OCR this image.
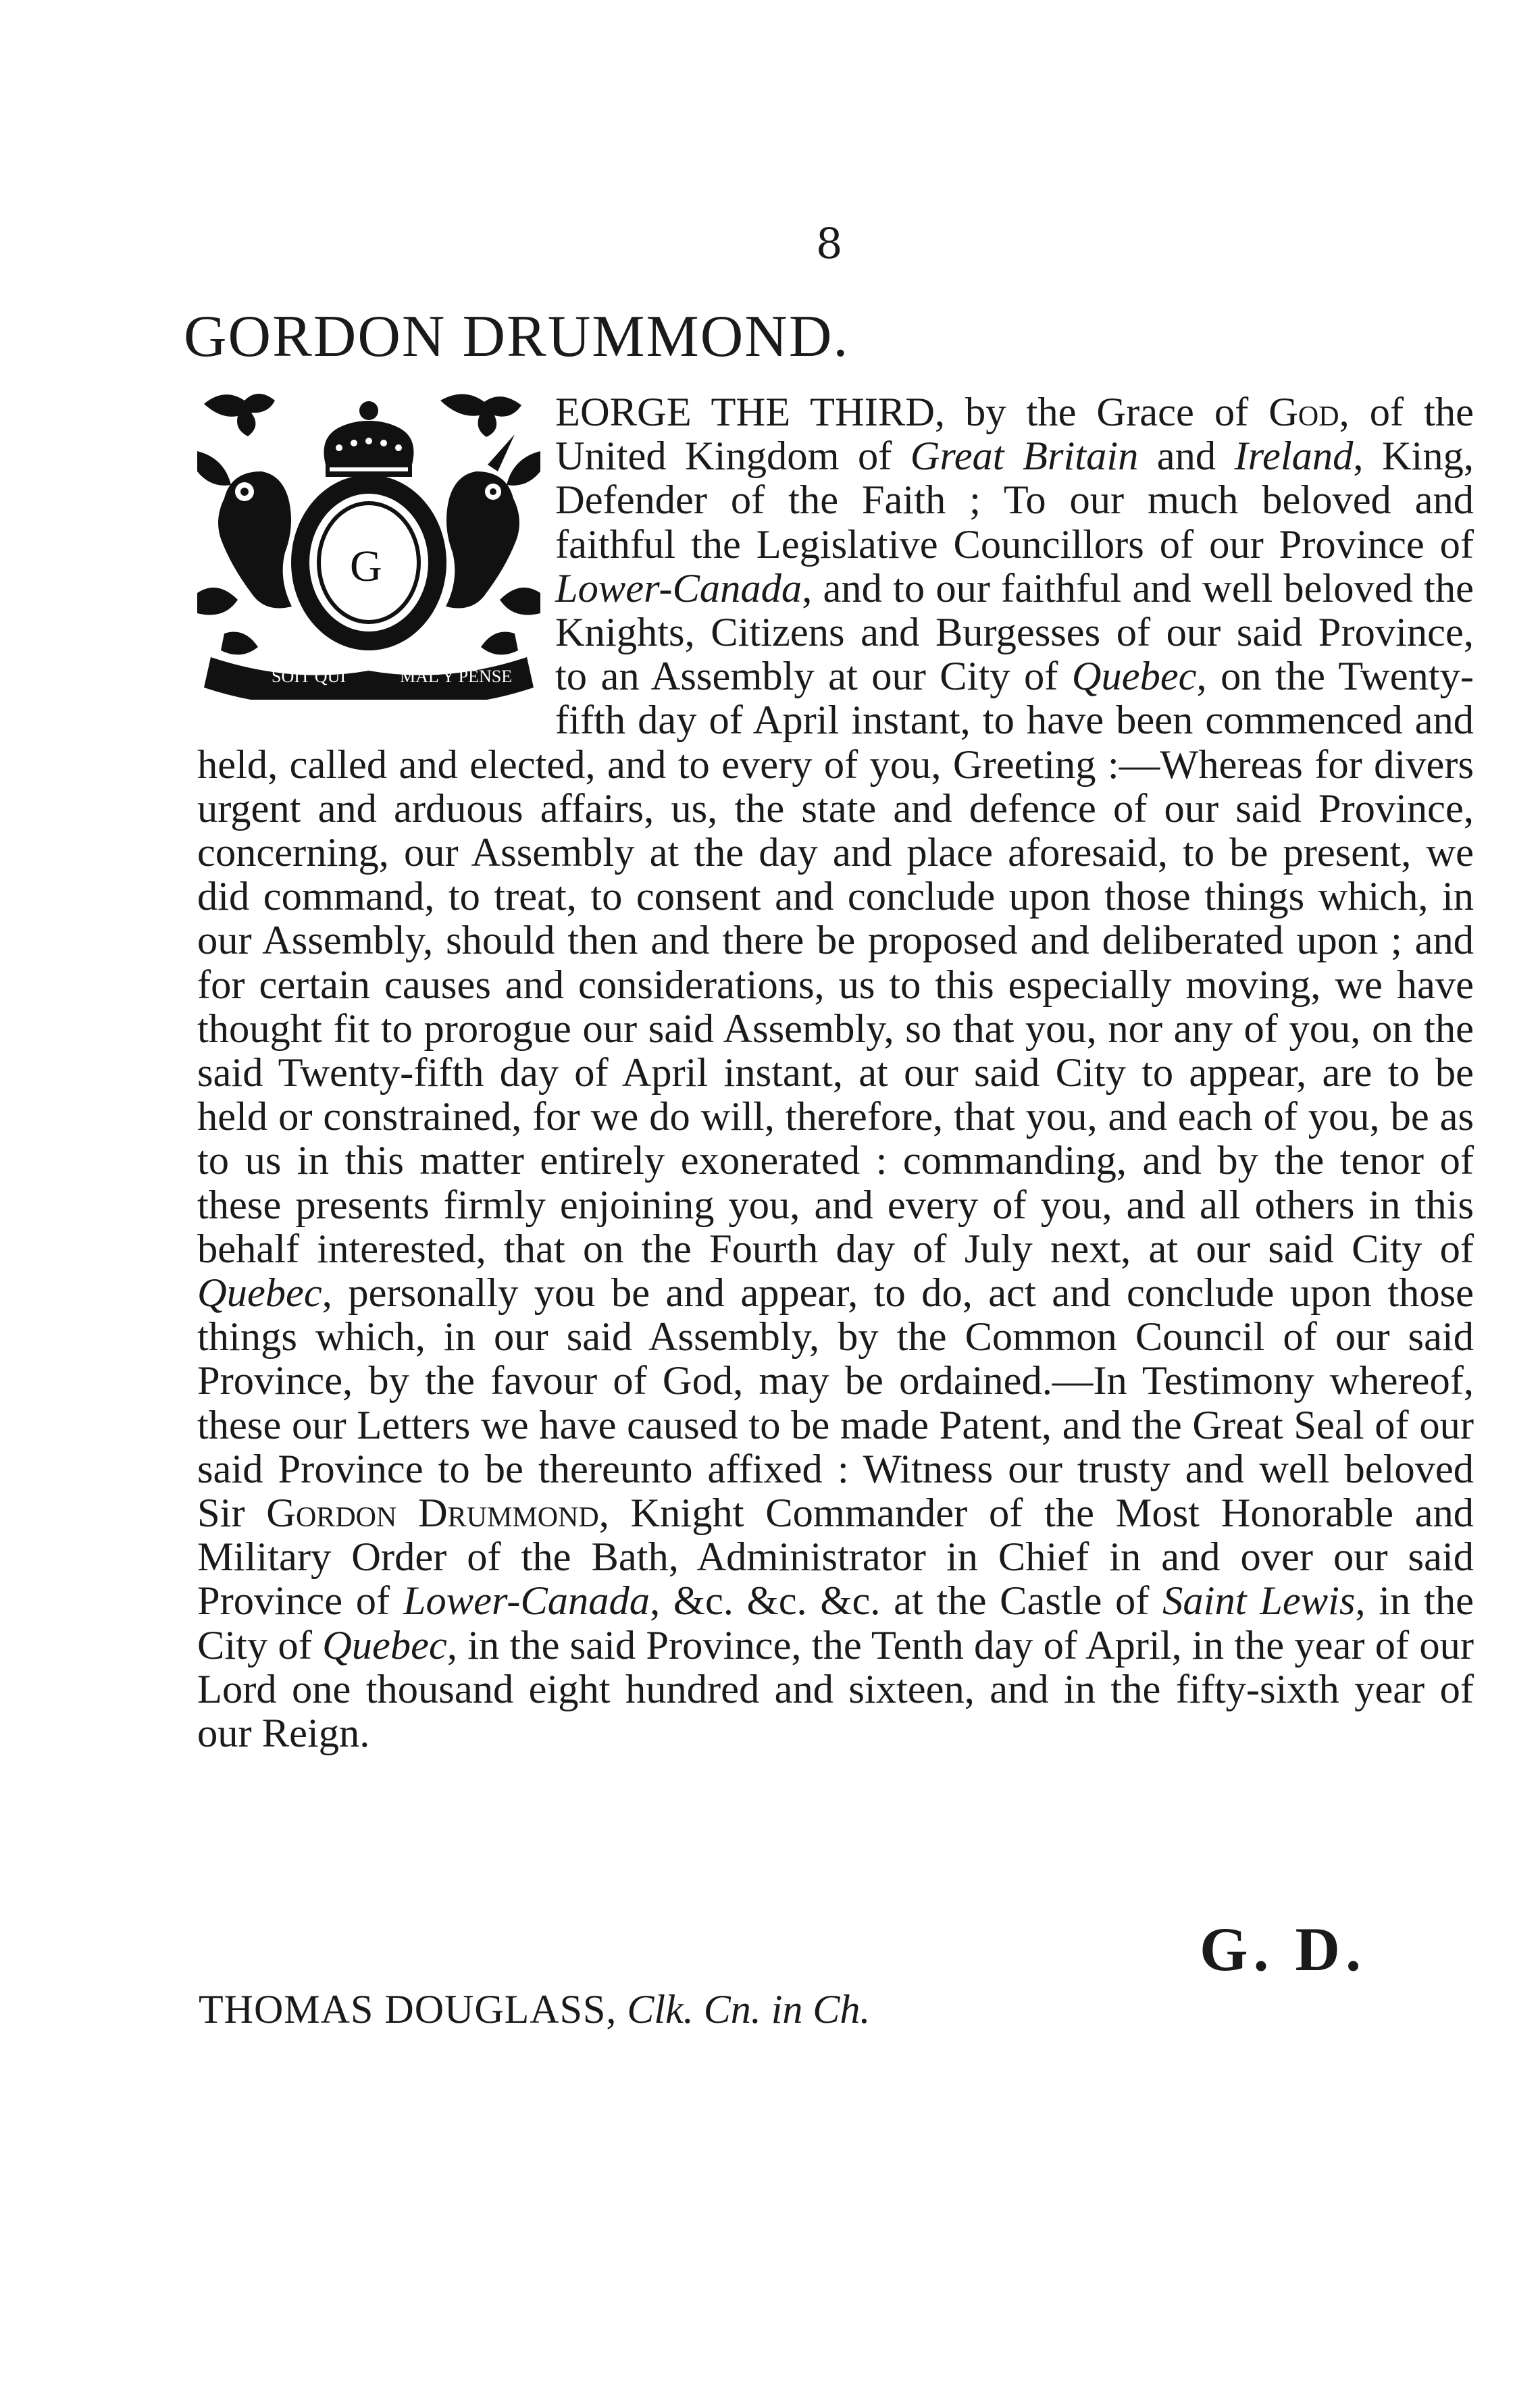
8
GORDON DRUMMOND.

SOIT QUI	MAL Y PENSE
G
EORGE THE THIRD, by the Grace of God, of the United Kingdom of Great Britain and Ireland, King, Defender of the Faith ; To our much beloved and faithful the Legislative Councillors of our Province of Lower-Canada, and to our faithful and well beloved the Knights, Citizens and Burgesses of our said Province, to an Assembly at our City of Quebec, on the Twenty-fifth day of April instant, to have been commenced and held, called and elected, and to every of you, Greeting :—Whereas for divers urgent and arduous affairs, us, the state and defence of our said Province, concerning, our Assembly at the day and place aforesaid, to be present, we did command, to treat, to consent and conclude upon those things which, in our Assembly, should then and there be proposed and deliberated upon ; and for certain causes and considerations, us to this especially moving, we have thought fit to prorogue our said Assembly, so that you, nor any of you, on the said Twenty-fifth day of April instant, at our said City to appear, are to be held or constrained, for we do will, therefore, that you, and each of you, be as to us in this matter entirely exonerated : commanding, and by the tenor of these presents firmly enjoining you, and every of you, and all others in this behalf interested, that on the Fourth day of July next, at our said City of Quebec, personally you be and appear, to do, act and conclude upon those things which, in our said Assembly, by the Common Council of our said Province, by the favour of God, may be ordained.—In Testimony whereof, these our Letters we have caused to be made Patent, and the Great Seal of our said Province to be thereunto affixed : Witness our trusty and well beloved Sir Gordon Drummond, Knight Commander of the Most Honorable and Military Order of the Bath, Administrator in Chief in and over our said Province of Lower-Canada, &c. &c. &c. at the Castle of Saint Lewis, in the City of Quebec, in the said Province, the Tenth day of April, in the year of our Lord one thousand eight hundred and sixteen, and in the fifty-sixth year of our Reign.

G. D.
THOMAS DOUGLASS, Clk. Cn. in Ch.
